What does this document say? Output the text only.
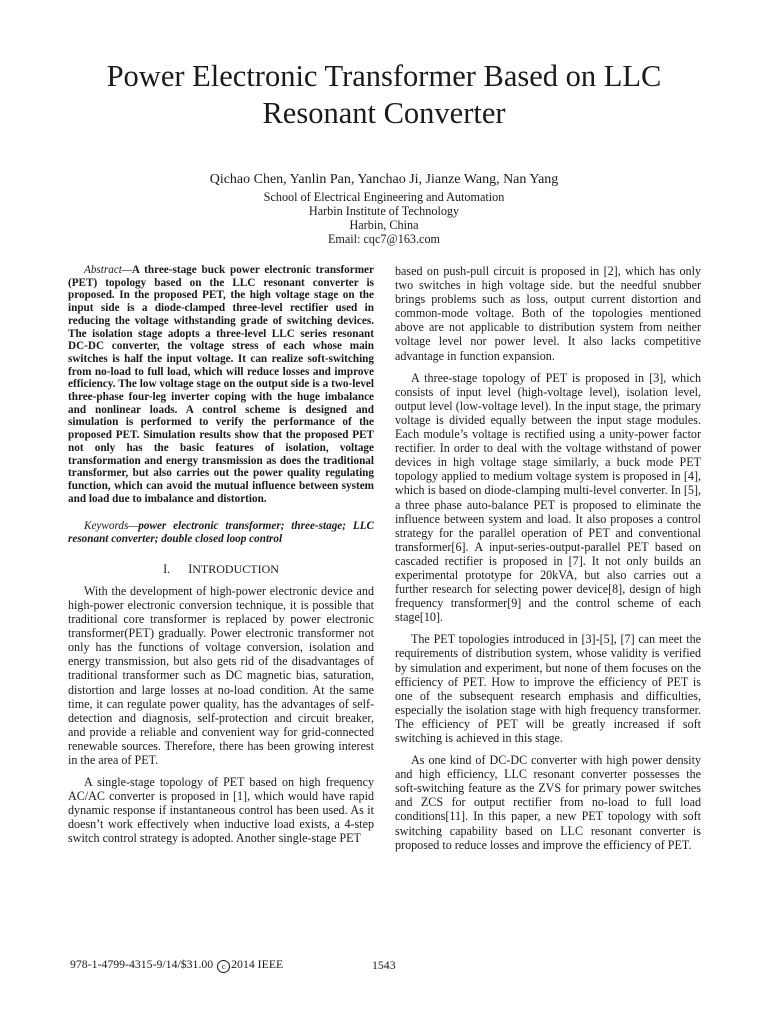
Power Electronic Transformer Based on LLC
Resonant Converter
Qichao Chen, Yanlin Pan, Yanchao Ji, Jianze Wang, Nan Yang
School of Electrical Engineering and Automation
Harbin Institute of Technology
Harbin, China
Email: cqc7@163.com

Abstract—A three-stage buck power electronic transformer (PET) topology based on the LLC resonant converter is proposed. In the proposed PET, the high voltage stage on the input side is a diode-clamped three-level rectifier used in reducing the voltage withstanding grade of switching devices. The isolation stage adopts a three-level LLC series resonant DC-DC converter, the voltage stress of each whose main switches is half the input voltage. It can realize soft-switching from no-load to full load, which will reduce losses and improve efficiency. The low voltage stage on the output side is a two-level three-phase four-leg inverter coping with the huge imbalance and nonlinear loads. A control scheme is designed and simulation is performed to verify the performance of the proposed PET. Simulation results show that the proposed PET not only has the basic features of isolation, voltage transformation and energy transmission as does the traditional transformer, but also carries out the power quality regulating function, which can avoid the mutual influence between system and load due to imbalance and distortion.

Keywords—power electronic transformer; three-stage; LLC resonant converter; double closed loop control

I. INTRODUCTION

With the development of high-power electronic device and high-power electronic conversion technique, it is possible that traditional core transformer is replaced by power electronic transformer(PET) gradually. Power electronic transformer not only has the functions of voltage conversion, isolation and energy transmission, but also gets rid of the disadvantages of traditional transformer such as DC magnetic bias, saturation, distortion and large losses at no-load condition. At the same time, it can regulate power quality, has the advantages of self-detection and diagnosis, self-protection and circuit breaker, and provide a reliable and convenient way for grid-connected renewable sources. Therefore, there has been growing interest in the area of PET.

A single-stage topology of PET based on high frequency AC/AC converter is proposed in [1], which would have rapid dynamic response if instantaneous control has been used. As it doesn’t work effectively when inductive load exists, a 4-step switch control strategy is adopted. Another single-stage PET

based on push-pull circuit is proposed in [2], which has only two switches in high voltage side. but the needful snubber brings problems such as loss, output current distortion and common-mode voltage. Both of the topologies mentioned above are not applicable to distribution system from neither voltage level nor power level. It also lacks competitive advantage in function expansion.

A three-stage topology of PET is proposed in [3], which consists of input level (high-voltage level), isolation level, output level (low-voltage level). In the input stage, the primary voltage is divided equally between the input stage modules. Each module’s voltage is rectified using a unity-power factor rectifier. In order to deal with the voltage withstand of power devices in high voltage stage similarly, a buck mode PET topology applied to medium voltage system is proposed in [4], which is based on diode-clamping multi-level converter. In [5], a three phase auto-balance PET is proposed to eliminate the influence between system and load. It also proposes a control strategy for the parallel operation of PET and conventional transformer[6]. A input-series-output-parallel PET based on cascaded rectifier is proposed in [7]. It not only builds an experimental prototype for 20kVA, but also carries out a further research for selecting power device[8], design of high frequency transformer[9] and the control scheme of each stage[10].

The PET topologies introduced in [3]-[5], [7] can meet the requirements of distribution system, whose validity is verified by simulation and experiment, but none of them focuses on the efficiency of PET. How to improve the efficiency of PET is one of the subsequent research emphasis and difficulties, especially the isolation stage with high frequency transformer. The efficiency of PET will be greatly increased if soft switching is achieved in this stage.

As one kind of DC-DC converter with high power density and high efficiency, LLC resonant converter possesses the soft-switching feature as the ZVS for primary power switches and ZCS for output rectifier from no-load to full load conditions[11]. In this paper, a new PET topology with soft switching capability based on LLC resonant converter is proposed to reduce losses and improve the efficiency of PET.

978-1-4799-4315-9/14/$31.00 c 2014 IEEE	1543
